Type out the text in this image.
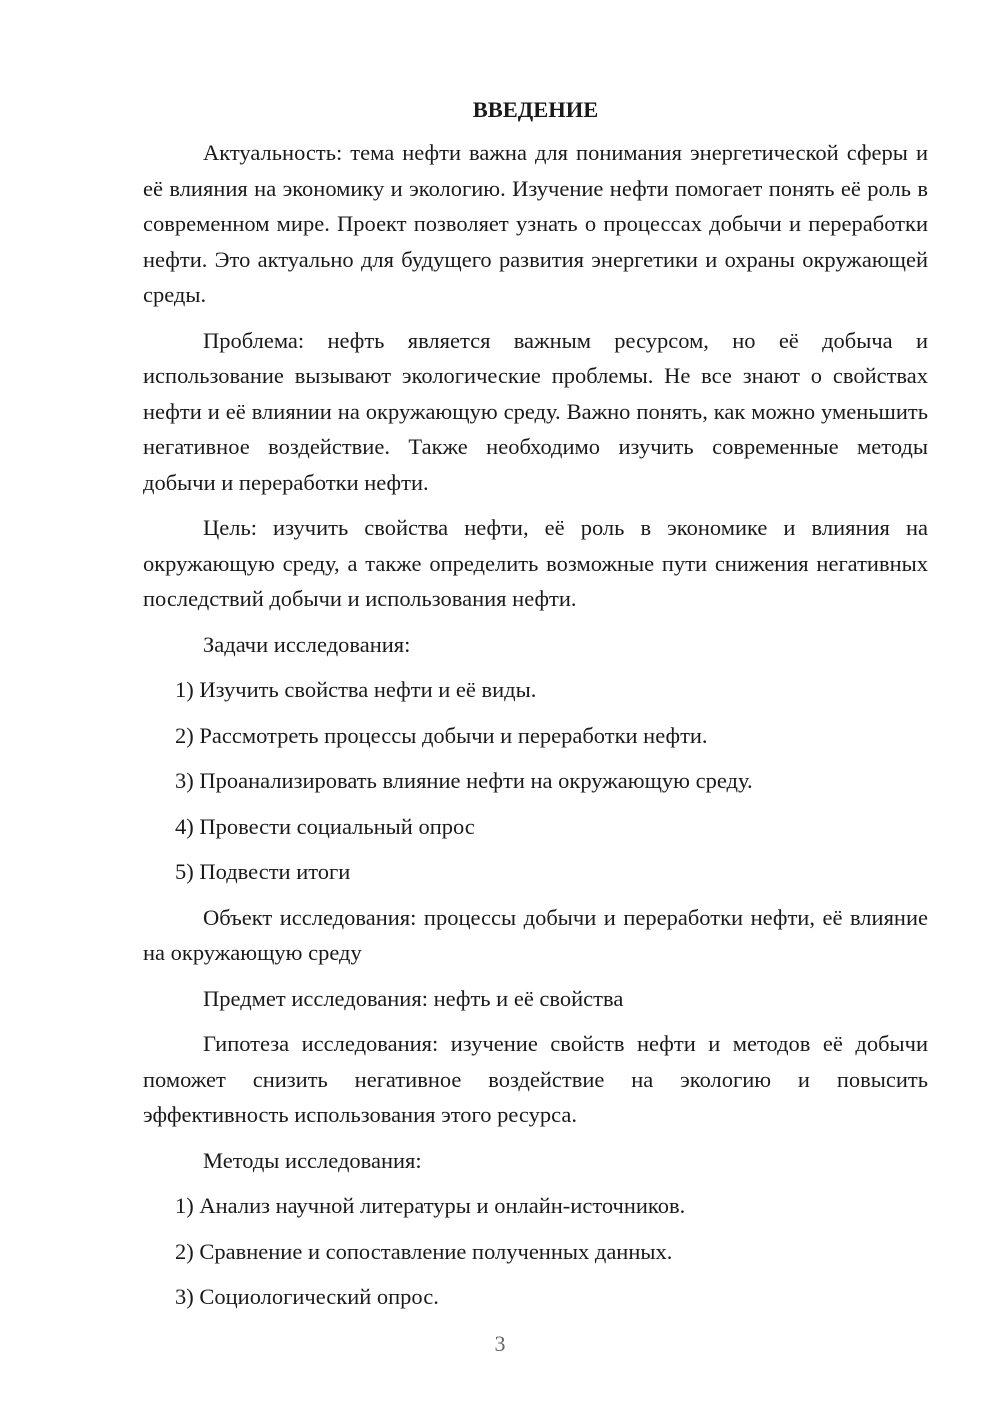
ВВЕДЕНИЕ

Актуальность: тема нефти важна для понимания энергетической сферы и её влияния на экономику и экологию. Изучение нефти помогает понять её роль в современном мире. Проект позволяет узнать о процессах добычи и переработки нефти. Это актуально для будущего развития энергетики и охраны окружающей среды.

Проблема: нефть является важным ресурсом, но её добыча и использование вызывают экологические проблемы. Не все знают о свойствах нефти и её влиянии на окружающую среду. Важно понять, как можно уменьшить негативное воздействие. Также необходимо изучить современные методы добычи и переработки нефти.

Цель: изучить свойства нефти, её роль в экономике и влияния на окружающую среду, а также определить возможные пути снижения негативных последствий добычи и использования нефти.

Задачи исследования:

1) Изучить свойства нефти и её виды.

2) Рассмотреть процессы добычи и переработки нефти.

3) Проанализировать влияние нефти на окружающую среду.

4) Провести социальный опрос

5) Подвести итоги

Объект исследования: процессы добычи и переработки нефти, её влияние на окружающую среду

Предмет исследования: нефть и её свойства

Гипотеза исследования: изучение свойств нефти и методов её добычи поможет снизить негативное воздействие на экологию и повысить эффективность использования этого ресурса.

Методы исследования:

1) Анализ научной литературы и онлайн-источников.

2) Сравнение и сопоставление полученных данных.

3) Социологический опрос.

3
